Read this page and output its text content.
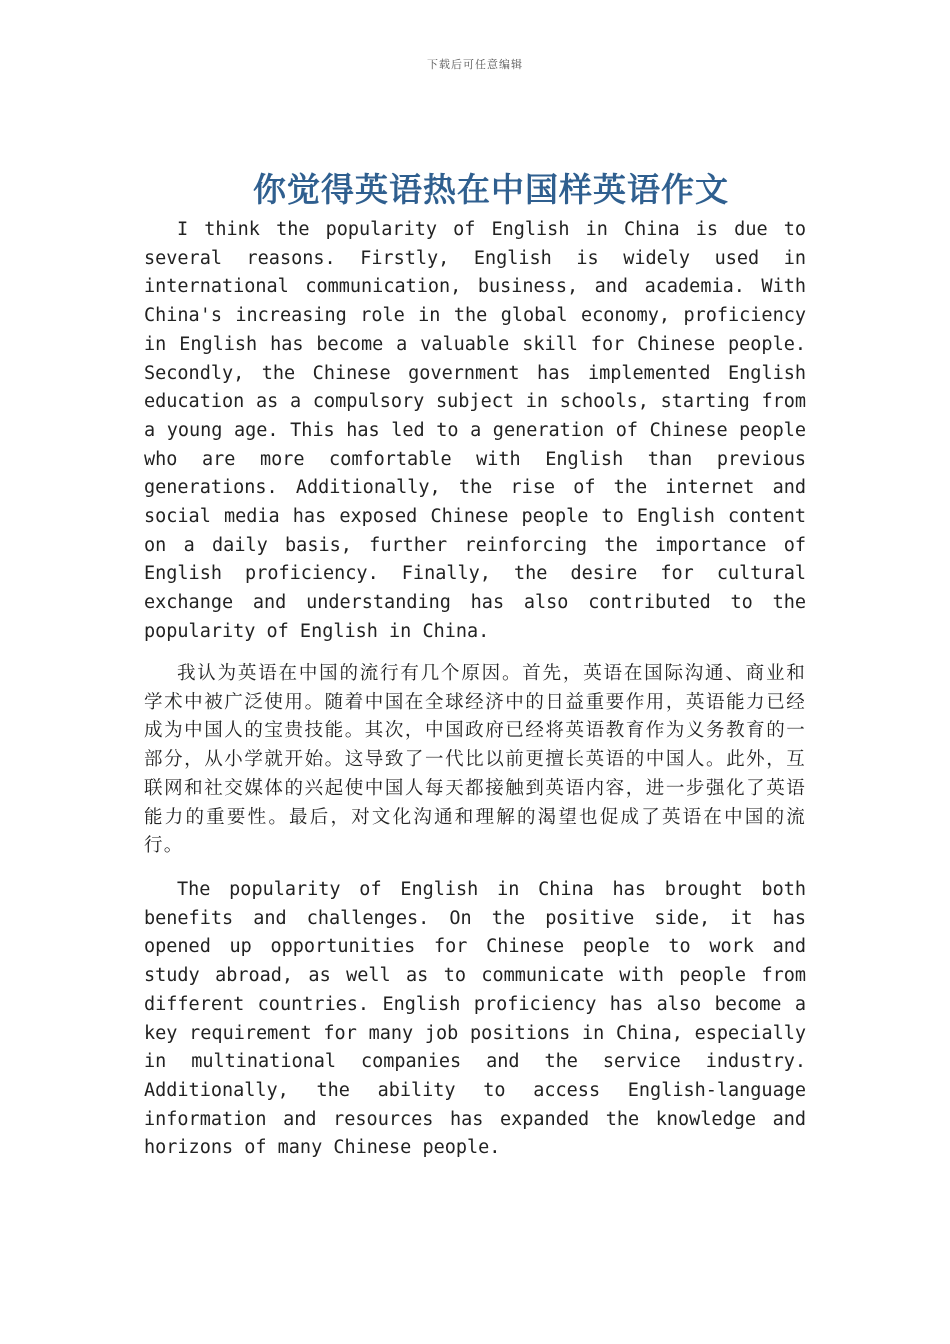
下载后可任意编辑
你觉得英语热在中国样英语作文

I think the popularity of English in China is due to several reasons. Firstly, English is widely used in international communication, business, and academia. With China's increasing role in the global economy, proficiency in English has become a valuable skill for Chinese people. Secondly, the Chinese government has implemented English education as a compulsory subject in schools, starting from a young age. This has led to a generation of Chinese people who are more comfortable with English than previous generations. Additionally, the rise of the internet and social media has exposed Chinese people to English content on a daily basis, further reinforcing the importance of English proficiency. Finally, the desire for cultural exchange and understanding has also contributed to the popularity of English in China.

我认为英语在中国的流行有几个原因。首先，英语在国际沟通、商业和学术中被广泛使用。随着中国在全球经济中的日益重要作用，英语能力已经成为中国人的宝贵技能。其次，中国政府已经将英语教育作为义务教育的一部分，从小学就开始。这导致了一代比以前更擅长英语的中国人。此外，互联网和社交媒体的兴起使中国人每天都接触到英语内容，进一步强化了英语能力的重要性。最后，对文化沟通和理解的渴望也促成了英语在中国的流行。

The popularity of English in China has brought both benefits and challenges. On the positive side, it has opened up opportunities for Chinese people to work and study abroad, as well as to communicate with people from different countries. English proficiency has also become a key requirement for many job positions in China, especially in multinational companies and the service industry. Additionally, the ability to access English-language information and resources has expanded the knowledge and horizons of many Chinese people.
